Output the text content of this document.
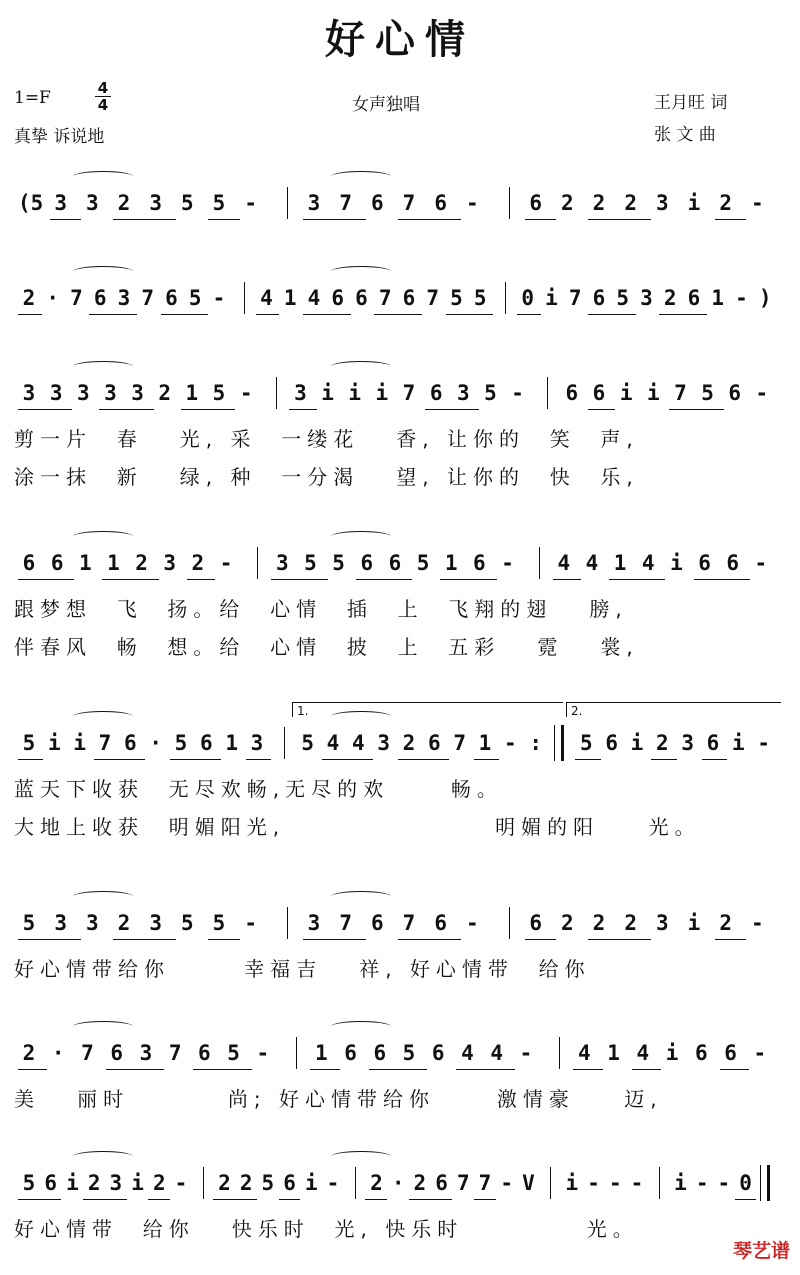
好心情
1=F	4
4
真挚 诉说地
女声独唱	王月旺 词
张 文 曲
(5 3 3 2 3 5 5 - 3 7 6 7 6 - 6 2 2 2 3 i 2 -
2 · 7 6 3 7 6 5 - 4 1 4 6 6 7 6 7 5 5 0 i 7 6 5 3 2 6 1 - )
3 3 3 3 3 2 1 5 - 3 i i i 7 6 3 5 - 6 6 i i 7 5 6 -
剪一片  春   光, 采  一缕花   香, 让你的  笑  声,
涂一抹  新   绿, 种  一分渴   望, 让你的  快  乐,
6 6 1 1 2 3 2 - 3 5 5 6 6 5 1 6 - 4 4 1 4 i 6 6 -
跟梦想  飞  扬。给  心情  插  上  飞翔的翅   膀,
伴春风  畅  想。给  心情  披  上  五彩   霓   裳,
5 i i 7 6 · 5 6 1 3 5 4 4 3 2 6 7 1 - : 5 6 i 2 3 6 i -
蓝天下收获  无尽欢畅,无尽的欢     畅。
大地上收获  明媚阳光,                 明媚的阳    光。
5 3 3 2 3 5 5 - 3 7 6 7 6 - 6 2 2 2 3 i 2 -
好心情带给你      幸福吉   祥, 好心情带  给你
2 · 7 6 3 7 6 5 - 1 6 6 5 6 4 4 - 4 1 4 i 6 6 -
美   丽时        尚; 好心情带给你     激情豪    迈,
5 6 i 2 3 i 2 - 2 2 5 6 i - 2 · 2 6 7 7 - V i - - - i - - 0
好心情带  给你   快乐时  光, 快乐时          光。
1.	2.
琴艺谱
